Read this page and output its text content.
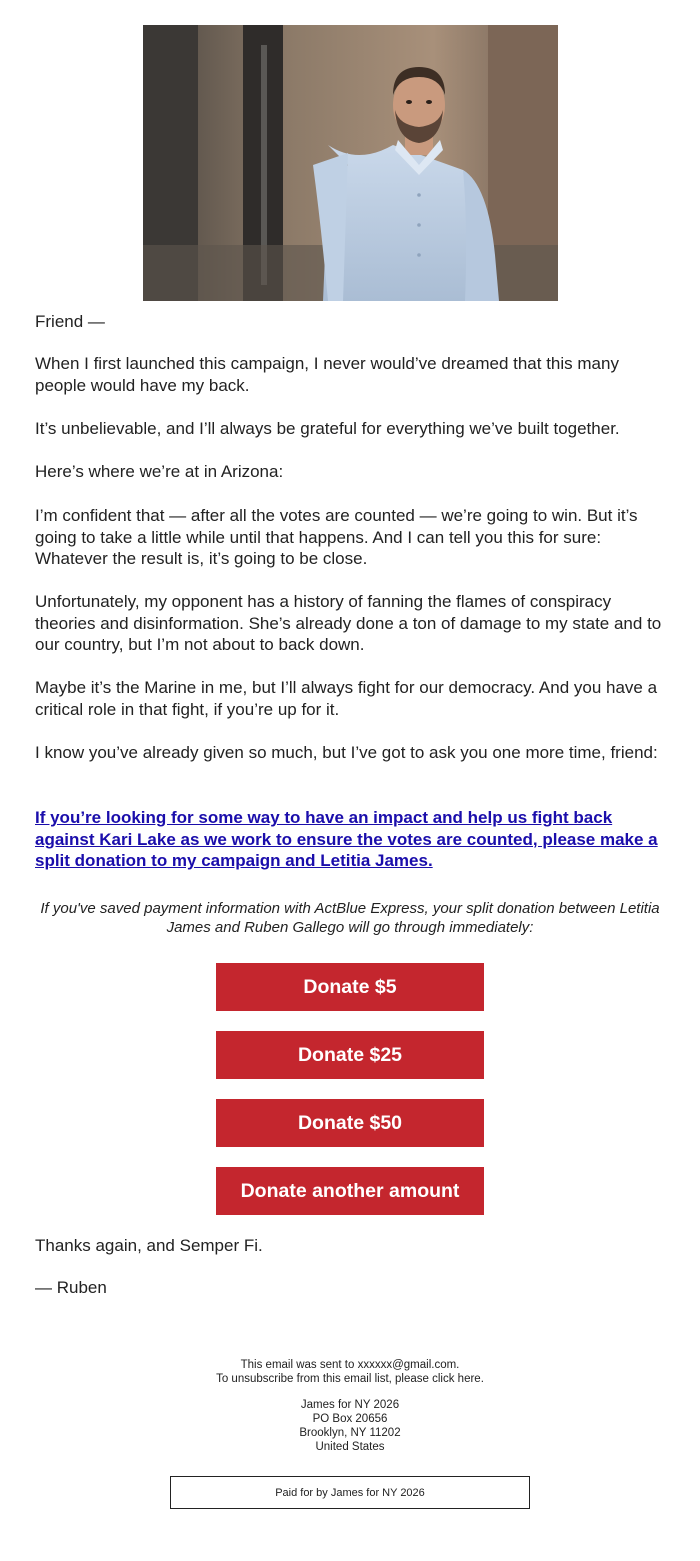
Friend —

When I first launched this campaign, I never would’ve dreamed that this many people would have my back.

It’s unbelievable, and I’ll always be grateful for everything we’ve built together.

Here’s where we’re at in Arizona:

I’m confident that — after all the votes are counted — we’re going to win. But it’s going to take a little while until that happens. And I can tell you this for sure: Whatever the result is, it’s going to be close.

Unfortunately, my opponent has a history of fanning the flames of conspiracy theories and disinformation. She’s already done a ton of damage to my state and to our country, but I’m not about to back down.

Maybe it’s the Marine in me, but I’ll always fight for our democracy. And you have a critical role in that fight, if you’re up for it.

I know you’ve already given so much, but I’ve got to ask you one more time, friend:

If you’re looking for some way to have an impact and help us fight back against Kari Lake as we work to ensure the votes are counted, please make a split donation to my campaign and Letitia James.
If you've saved payment information with ActBlue Express, your split donation between Letitia James and Ruben Gallego will go through immediately:
Donate $5
Donate $25
Donate $50
Donate another amount
Thanks again, and Semper Fi.
— Ruben
This email was sent to xxxxxx@gmail.com.
To unsubscribe from this email list, please click here.
James for NY 2026
PO Box 20656
Brooklyn, NY 11202
United States
Paid for by James for NY 2026
